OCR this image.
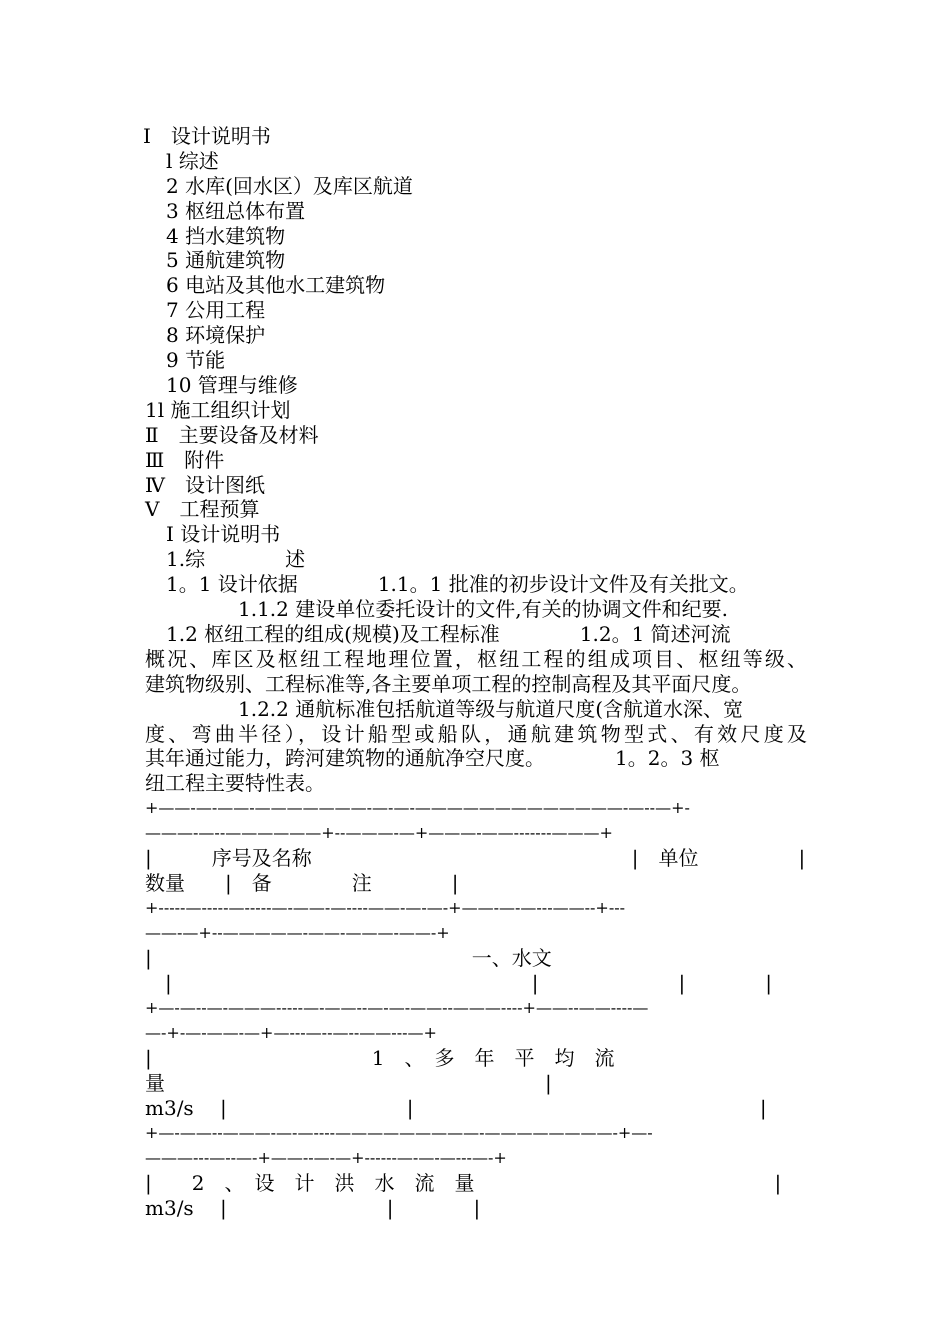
I　设计说明书
l 综述
2 水库(回水区）及库区航道
3 枢纽总体布置
4 挡水建筑物
5 通航建筑物
6 电站及其他水工建筑物
7 公用工程
8 环境保护
9 节能
10 管理与维修
1l 施工组织计划
Ⅱ　主要设备及材料
Ⅲ　附件
Ⅳ　设计图纸
Ⅴ　工程预算
I 设计说明书
1.综　　　　述
1。1 设计依据　　　　1.1。1 批准的初步设计文件及有关批文。
1.1.2 建设单位委托设计的文件,有关的协调文件和纪要.
1.2 枢纽工程的组成(规模)及工程标准　　　　1.2。1 简述河流
概况、库区及枢纽工程地理位置，枢纽工程的组成项目、枢纽等级、
建筑物级别、工程标准等,各主要单项工程的控制高程及其平面尺度。
1.2.2 通航标准包括航道等级与航道尺度(含航道水深、宽
度、弯曲半径），设计船型或船队，通航建筑物型式、有效尺度及
其年通过能力，跨河建筑物的通航净空尺度。　　　　1。2。3 枢
纽工程主要特性表。
+——-—-——-———————-—-—-—————————————-—--—+-
———-—--——————+--———-—+———-——-------———+
|　　　序号及名称　　　　　　　　　　　　　　　　|　单位　　　　　|
数量　　|　备　　　　注　　　　|
+-----—-----—-----—-——-—----——-—-—-+——-—-—---——--+---
——-—+--—————-——-———-——-+
|　　　　　　　　　　　　　　　　一、水文
　|　　　　　　　　　　　　　　　　　　|　　　　　　　|　　　　|
+—-—--—-———-----—-——--—-—-——--———----+——--——----—
—-+-—-——-—+—---—--—--——---—+
|　　　　　　　　　　　1　、　多　年　平　均　流
量　　　　　　　　　　　　　　　　　　　|
m3/s　 |　　　　　　　　　|　　　　　　　　　　　　　　　　　 |
+—-——--———-—-—----—————————-————————-+—-
———---—--—-+——--—-—+------—-—-—---—-+
|　　2　、　设　计　洪　水　流　量　　　　　　　　　　　　　　　|
m3/s　 |　　　　　　　　|　　　　|
